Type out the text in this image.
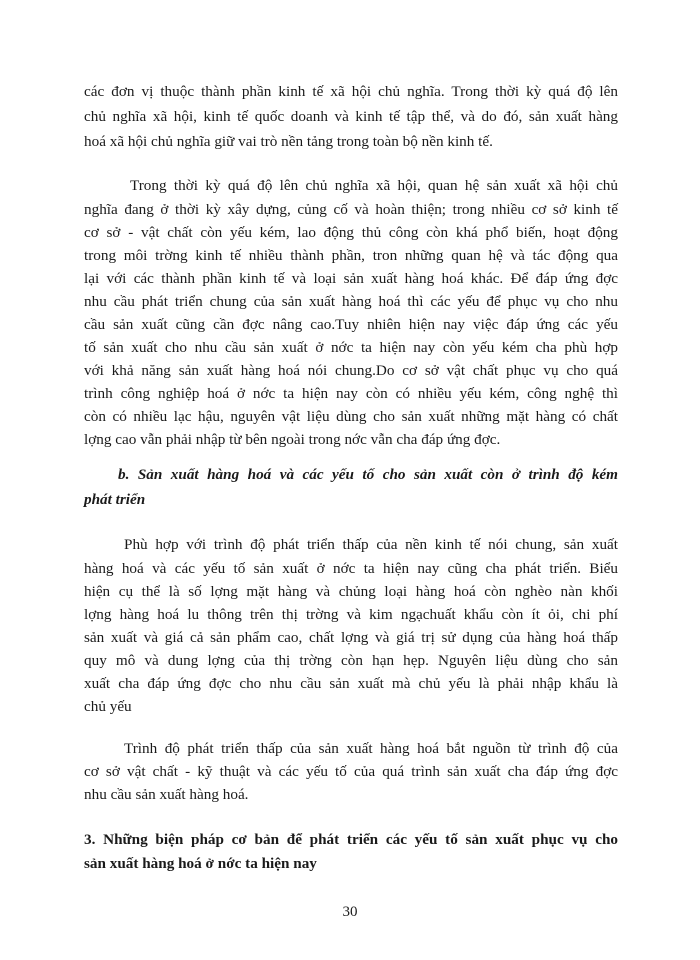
các đơn vị thuộc thành phần kinh tế xã hội chủ nghĩa. Trong thời kỳ quá độ lên
chủ nghĩa xã hội, kinh tế quốc doanh và kinh tế tập thể, và do đó, sản xuất hàng
hoá xã hội chủ nghĩa giữ vai trò nền tảng trong toàn bộ nền kinh tế.
Trong thời kỳ quá độ lên chủ nghĩa xã hội, quan hệ sản xuất xã hội chủ
nghĩa đang ở thời kỳ xây dựng, củng cố và hoàn thiện; trong nhiều cơ sở kinh tế
cơ sở - vật chất còn yếu kém, lao động thủ công còn khá phổ biến, hoạt động
trong môi trờng kinh tế nhiều thành phần, tron những quan hệ và tác động qua
lại với các thành phần kinh tế và loại sản xuất hàng hoá khác. Để đáp ứng đợc
nhu cầu phát triển chung của sản xuất hàng hoá thì các yếu để phục vụ cho nhu
cầu sản xuất cũng cần đợc nâng cao.Tuy nhiên hiện nay việc đáp ứng các yếu
tố sản xuất cho nhu cầu sản xuất ở nớc ta hiện nay còn yếu kém cha phù hợp
với khả năng sản xuất hàng hoá nói chung.Do cơ sở vật chất phục vụ cho quá
trình công nghiệp hoá ở nớc ta hiện nay còn có nhiều yếu kém, công nghệ thì
còn có nhiều lạc hậu, nguyên vật liệu dùng cho sản xuất những mặt hàng có chất
lợng cao vẫn phải nhập từ bên ngoài trong nớc vẫn cha đáp ứng đợc.
b. Sản xuất hàng hoá và các yếu tố cho sản xuất còn ở trình độ kém
phát triển
Phù hợp với trình độ phát triển thấp của nền kinh tế nói chung, sản xuất
hàng hoá và các yếu tố sản xuất ở nớc ta hiện nay cũng cha phát triển. Biểu
hiện cụ thể là số lợng mặt hàng và chủng loại hàng hoá còn nghèo nàn khối
lợng hàng hoá lu thông trên thị trờng và kim ngạchuất khẩu còn ít ỏi, chi phí
sản xuất và giá cả sản phẩm cao, chất lợng và giá trị sử dụng của hàng hoá thấp
quy mô và dung lợng của thị trờng còn hạn hẹp. Nguyên liệu dùng cho sản
xuất cha đáp ứng đợc cho nhu cầu sản xuất mà chủ yếu là phải nhập khẩu là
chủ yếu
Trình độ phát triển thấp của sản xuất hàng hoá bắt nguồn từ trình độ của
cơ sở vật chất - kỹ thuật và các yếu tố của quá trình sản xuất cha đáp ứng đợc
nhu cầu sản xuất hàng hoá.
3. Những biện pháp cơ bản để phát triển các yếu tố sản xuất phục vụ cho
sản xuất hàng hoá ở nớc ta hiện nay
30
